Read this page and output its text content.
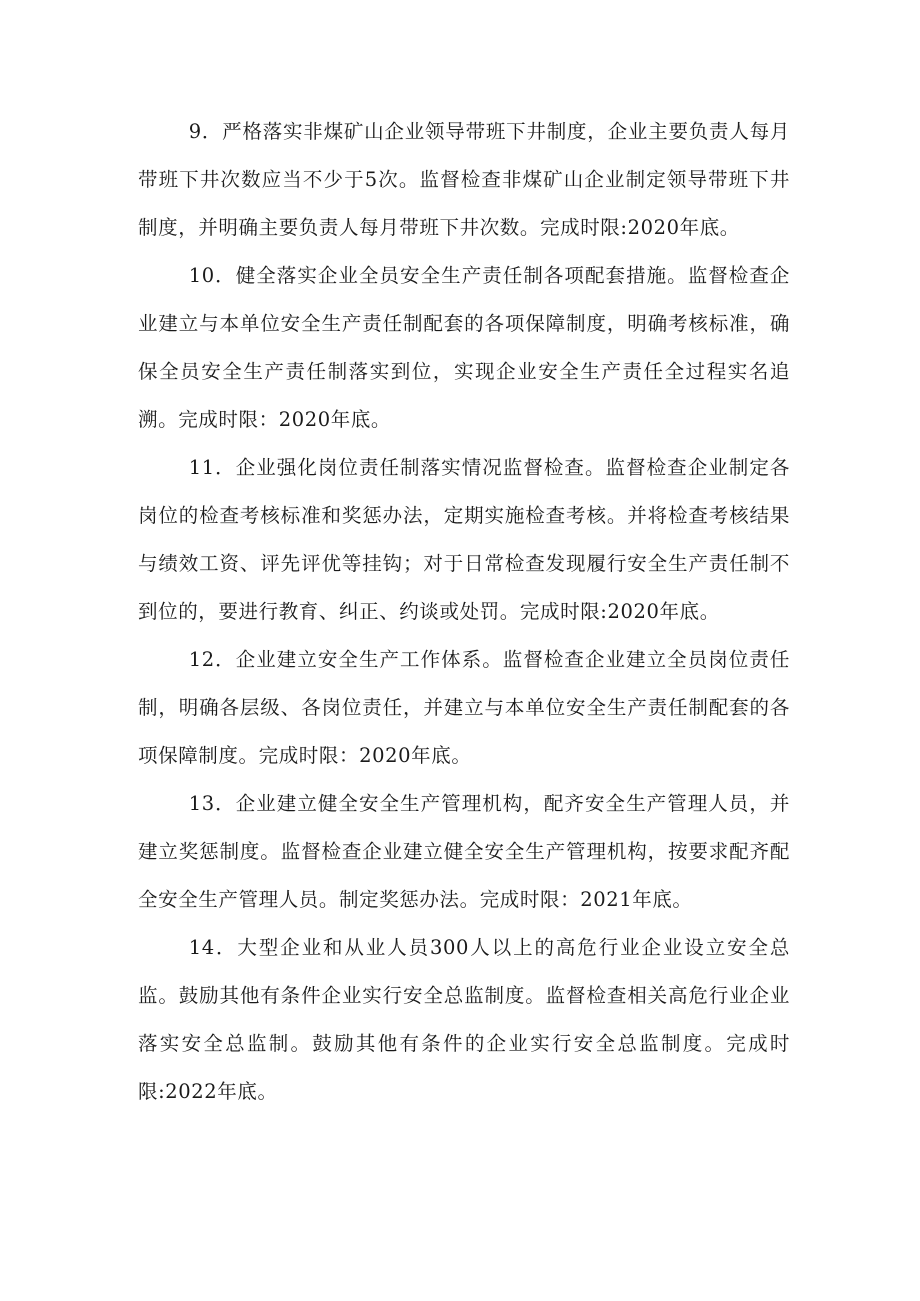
9．严格落实非煤矿山企业领导带班下井制度，企业主要负责人每月带班下井次数应当不少于5次。监督检查非煤矿山企业制定领导带班下井制度，并明确主要负责人每月带班下井次数。完成时限:2020年底。

10．健全落实企业全员安全生产责任制各项配套措施。监督检查企业建立与本单位安全生产责任制配套的各项保障制度，明确考核标准，确保全员安全生产责任制落实到位，实现企业安全生产责任全过程实名追溯。完成时限：2020年底。

11．企业强化岗位责任制落实情况监督检查。监督检查企业制定各岗位的检查考核标准和奖惩办法，定期实施检查考核。并将检查考核结果与绩效工资、评先评优等挂钩；对于日常检查发现履行安全生产责任制不到位的，要进行教育、纠正、约谈或处罚。完成时限:2020年底。

12．企业建立安全生产工作体系。监督检查企业建立全员岗位责任制，明确各层级、各岗位责任，并建立与本单位安全生产责任制配套的各项保障制度。完成时限：2020年底。

13．企业建立健全安全生产管理机构，配齐安全生产管理人员，并建立奖惩制度。监督检查企业建立健全安全生产管理机构，按要求配齐配全安全生产管理人员。制定奖惩办法。完成时限：2021年底。

14．大型企业和从业人员300人以上的高危行业企业设立安全总监。鼓励其他有条件企业实行安全总监制度。监督检查相关高危行业企业落实安全总监制。鼓励其他有条件的企业实行安全总监制度。完成时限:2022年底。
